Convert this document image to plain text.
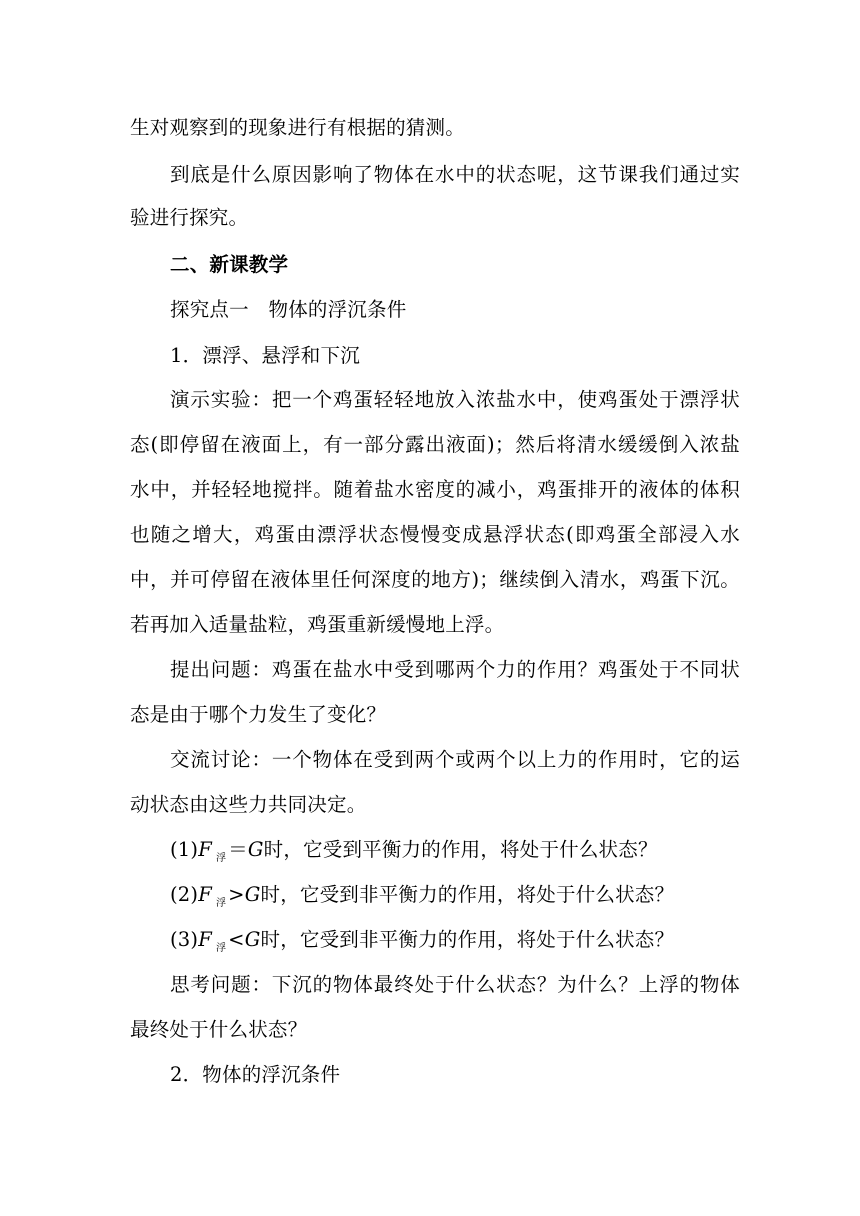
生对观察到的现象进行有根据的猜测。
到底是什么原因影响了物体在水中的状态呢，这节课我们通过实
验进行探究。
二、新课教学
探究点一　物体的浮沉条件
1．漂浮、悬浮和下沉
演示实验：把一个鸡蛋轻轻地放入浓盐水中，使鸡蛋处于漂浮状
态(即停留在液面上，有一部分露出液面)；然后将清水缓缓倒入浓盐
水中，并轻轻地搅拌。随着盐水密度的减小，鸡蛋排开的液体的体积
也随之增大，鸡蛋由漂浮状态慢慢变成悬浮状态(即鸡蛋全部浸入水
中，并可停留在液体里任何深度的地方)；继续倒入清水，鸡蛋下沉。
若再加入适量盐粒，鸡蛋重新缓慢地上浮。
提出问题：鸡蛋在盐水中受到哪两个力的作用？鸡蛋处于不同状
态是由于哪个力发生了变化？
交流讨论：一个物体在受到两个或两个以上力的作用时，它的运
动状态由这些力共同决定。
(1)F $_浮$ ＝G时，它受到平衡力的作用，将处于什么状态？
(2)F $_浮$ >G时，它受到非平衡力的作用，将处于什么状态？
(3)F $_浮$ <G时，它受到非平衡力的作用，将处于什么状态？
思考问题：下沉的物体最终处于什么状态？为什么？上浮的物体
最终处于什么状态？
2．物体的浮沉条件
